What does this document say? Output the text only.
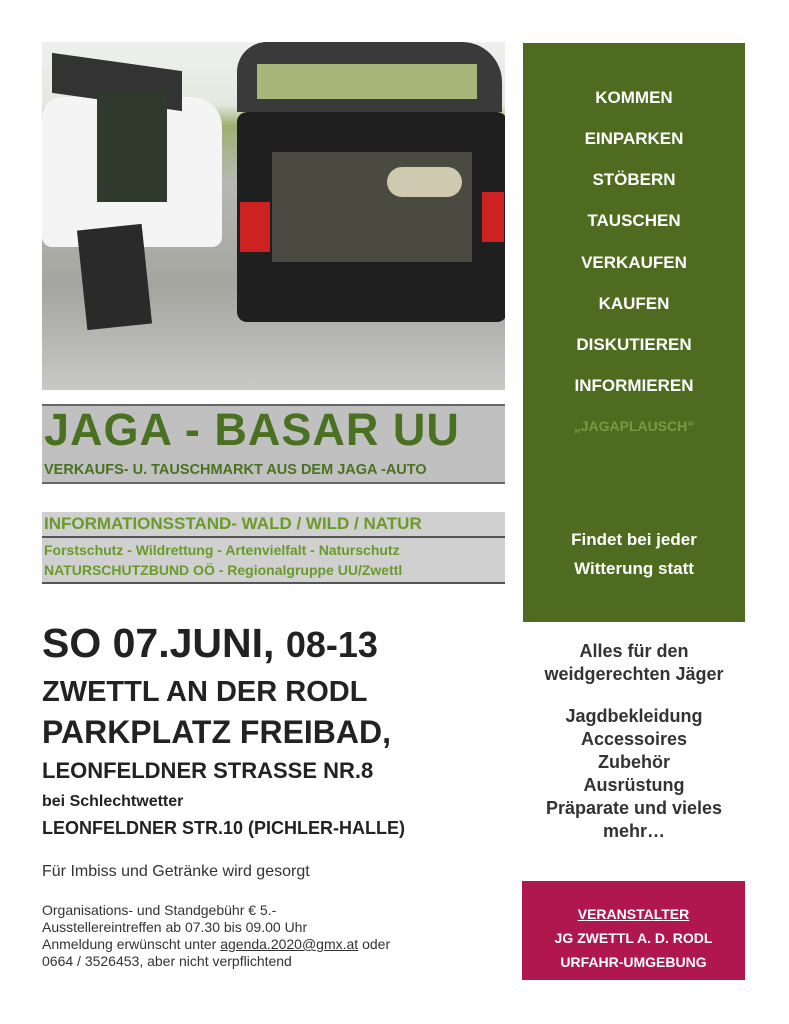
JAGA - BASAR UU
VERKAUFS- U. TAUSCHMARKT AUS DEM JAGA -AUTO
INFORMATIONSSTAND- WALD / WILD / NATUR
Forstschutz - Wildrettung - Artenvielfalt - Naturschutz
NATURSCHUTZBUND OÖ - Regionalgruppe UU/Zwettl
SO 07.JUNI, 08-13
ZWETTL AN DER RODL
PARKPLATZ FREIBAD,
LEONFELDNER STRASSE NR.8
bei Schlechtwetter
LEONFELDNER STR.10 (PICHLER-HALLE)
Für Imbiss und Getränke wird gesorgt
Organisations- und Standgebühr € 5.-
Ausstellereintreffen ab 07.30 bis 09.00 Uhr
Anmeldung erwünscht unter agenda.2020@gmx.at oder
0664 / 3526453, aber nicht verpflichtend
KOMMEN
EINPARKEN
STÖBERN
TAUSCHEN
VERKAUFEN
KAUFEN
DISKUTIEREN
INFORMIEREN
„JAGAPLAUSCH“
Findet bei jeder
Witterung statt
Alles für den
weidgerechten Jäger
Jagdbekleidung
Accessoires
Zubehör
Ausrüstung
Präparate und vieles
mehr…
VERANSTALTER
JG ZWETTL A. D. RODL
URFAHR-UMGEBUNG
